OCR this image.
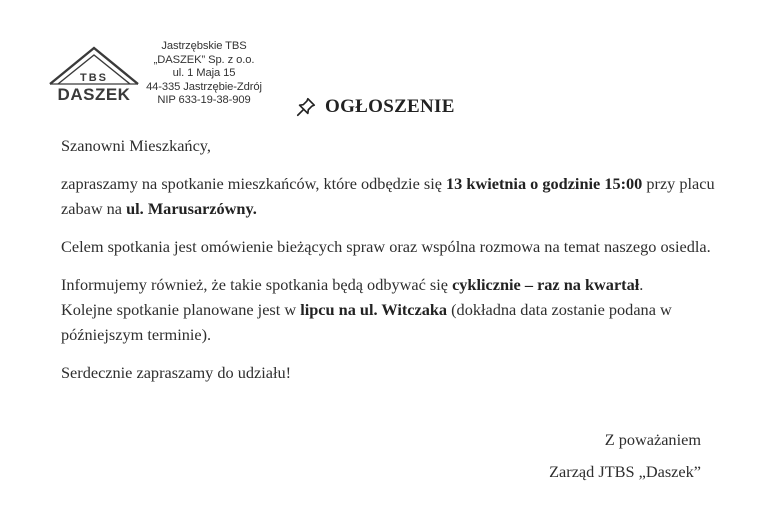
TBS
DASZEK
Jastrzębskie TBS
„DASZEK” Sp. z o.o.
ul. 1 Maja 15
44-335 Jastrzębie-Zdrój
NIP 633-19-38-909	OGŁOSZENIE

Szanowni Mieszkańcy,

zapraszamy na spotkanie mieszkańców, które odbędzie się 13 kwietnia o godzinie 15:00 przy placu zabaw na ul. Marusarzówny.

Celem spotkania jest omówienie bieżących spraw oraz wspólna rozmowa na temat naszego osiedla.

Informujemy również, że takie spotkania będą odbywać się cyklicznie – raz na kwartał.

Kolejne spotkanie planowane jest w lipcu na ul. Witczaka (dokładna data zostanie podana w późniejszym terminie).

Serdecznie zapraszamy do udziału!

Z poważaniem
Zarząd JTBS „Daszek”
